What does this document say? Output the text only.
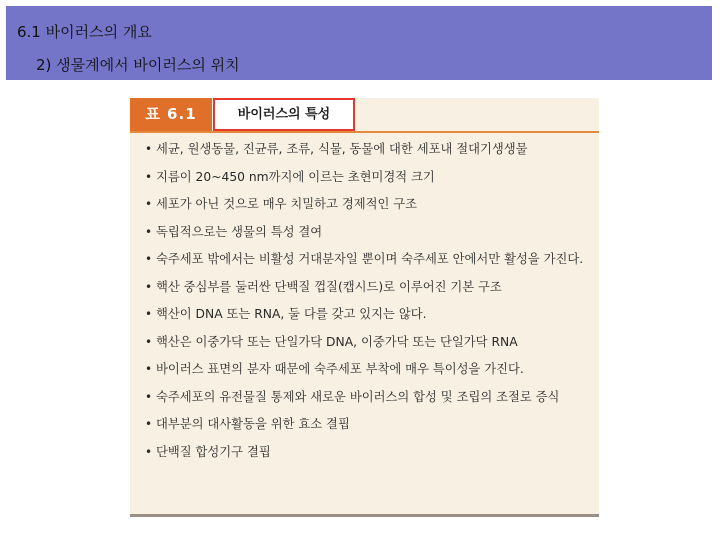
6.1 바이러스의 개요
2) 생물계에서 바이러스의 위치
표 6.1	바이러스의 특성
• 세균, 원생동물, 진균류, 조류, 식물, 동물에 대한 세포내 절대기생생물
• 지름이 20~450 nm까지에 이르는 초현미경적 크기
• 세포가 아닌 것으로 매우 치밀하고 경제적인 구조
• 독립적으로는 생물의 특성 결여
• 숙주세포 밖에서는 비활성 거대분자일 뿐이며 숙주세포 안에서만 활성을 가진다.
• 핵산 중심부를 둘러싼 단백질 껍질(캡시드)로 이루어진 기본 구조
• 핵산이 DNA 또는 RNA, 둘 다를 갖고 있지는 않다.
• 핵산은 이중가닥 또는 단일가닥 DNA, 이중가닥 또는 단일가닥 RNA
• 바이러스 표면의 분자 때문에 숙주세포 부착에 매우 특이성을 가진다.
• 숙주세포의 유전물질 통제와 새로운 바이러스의 합성 및 조립의 조절로 증식
• 대부분의 대사활동을 위한 효소 결핍
• 단백질 합성기구 결핍
